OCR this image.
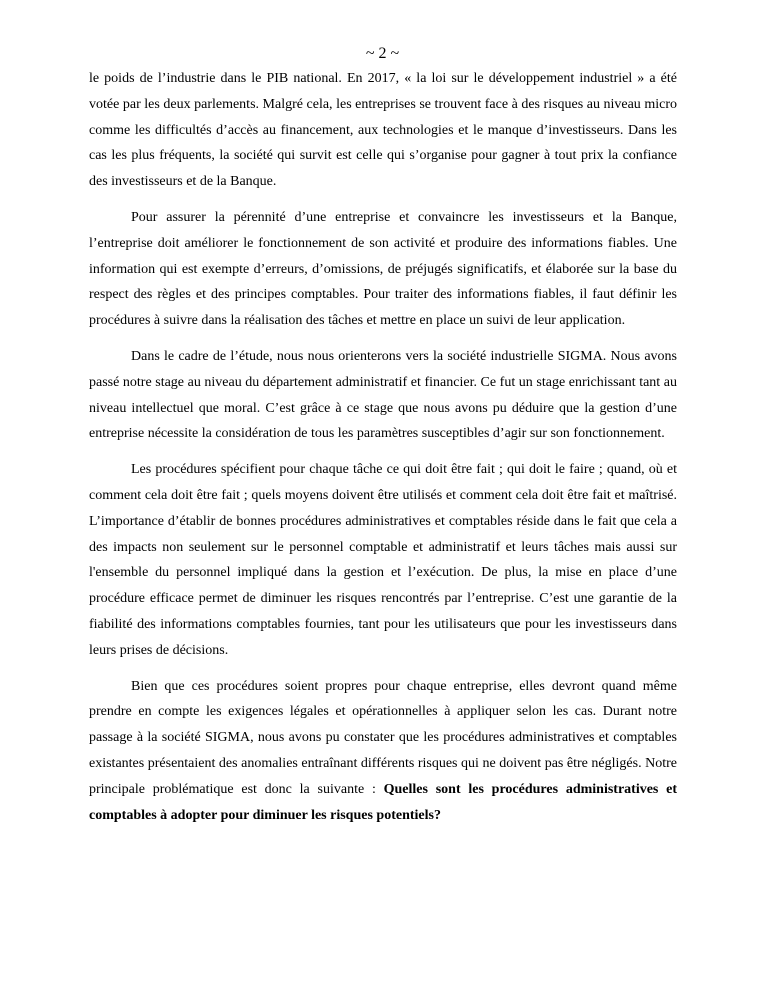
~ 2 ~

le poids de l’industrie dans le PIB national. En 2017, « la loi sur le développement industriel » a été votée par les deux parlements. Malgré cela, les entreprises se trouvent face à des risques au niveau micro comme les difficultés d’accès au financement, aux technologies et le manque d’investisseurs. Dans les cas les plus fréquents, la société qui survit est celle qui s’organise pour gagner à tout prix la confiance des investisseurs et de la Banque.

Pour assurer la pérennité d’une entreprise et convaincre les investisseurs et la Banque, l’entreprise doit améliorer le fonctionnement de son activité et produire des informations fiables. Une information qui est exempte d’erreurs, d’omissions, de préjugés significatifs, et élaborée sur la base du respect des règles et des principes comptables. Pour traiter des informations fiables, il faut définir les procédures à suivre dans la réalisation des tâches et mettre en place un suivi de leur application.

Dans le cadre de l’étude, nous nous orienterons vers la société industrielle SIGMA. Nous avons passé notre stage au niveau du département administratif et financier. Ce fut un stage enrichissant tant au niveau intellectuel que moral. C’est grâce à ce stage que nous avons pu déduire que la gestion d’une entreprise nécessite la considération de tous les paramètres susceptibles d’agir sur son fonctionnement.

Les procédures spécifient pour chaque tâche ce qui doit être fait ; qui doit le faire ; quand, où et comment cela doit être fait ; quels moyens doivent être utilisés et comment cela doit être fait et maîtrisé. L’importance d’établir de bonnes procédures administratives et comptables réside dans le fait que cela a des impacts non seulement sur le personnel comptable et administratif et leurs tâches mais aussi sur l'ensemble du personnel impliqué dans la gestion et l’exécution. De plus, la mise en place d’une procédure efficace permet de diminuer les risques rencontrés par l’entreprise. C’est une garantie de la fiabilité des informations comptables fournies, tant pour les utilisateurs que pour les investisseurs dans leurs prises de décisions.

Bien que ces procédures soient propres pour chaque entreprise, elles devront quand même prendre en compte les exigences légales et opérationnelles à appliquer selon les cas. Durant notre passage à la société SIGMA, nous avons pu constater que les procédures administratives et comptables existantes présentaient des anomalies entraînant différents risques qui ne doivent pas être négligés. Notre principale problématique est donc la suivante : Quelles sont les procédures administratives et comptables à adopter pour diminuer les risques potentiels?
